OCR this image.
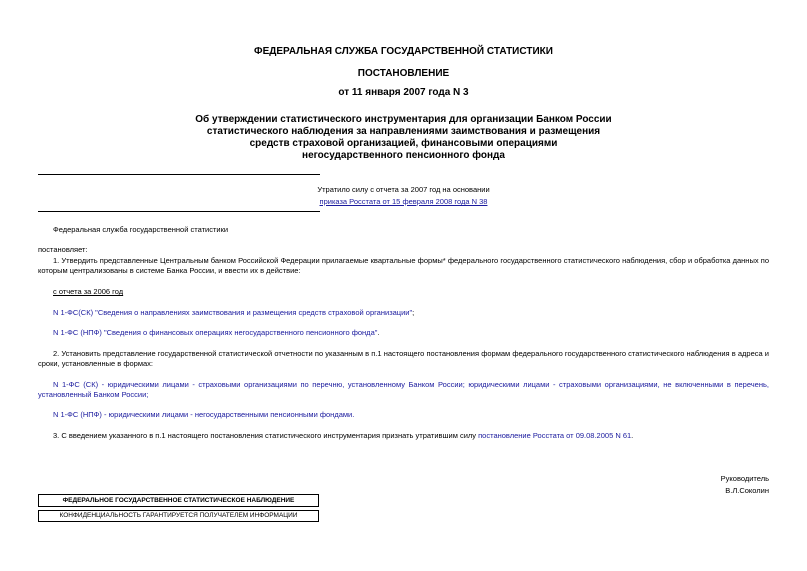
ФЕДЕРАЛЬНАЯ СЛУЖБА ГОСУДАРСТВЕННОЙ СТАТИСТИКИ
ПОСТАНОВЛЕНИЕ
от 11 января 2007 года N 3
Об утверждении статистического инструментария для организации Банком России
статистического наблюдения за направлениями заимствования и размещения
средств страховой организацией, финансовыми операциями
негосударственного пенсионного фонда
Утратило силу с отчета за 2007 год на основании
приказа Росстата от 15 февраля 2008 года N 38
Федеральная служба государственной статистики
постановляет:
1. Утвердить представленные Центральным банком Российской Федерации прилагаемые квартальные формы* федерального государственного статистического наблюдения, сбор и обработка данных по которым централизованы в системе Банка России, и ввести их в действие:
с отчета за 2006 год
N 1-ФС(СК) "Сведения о направлениях заимствования и размещения средств страховой организации";
N 1-ФС (НПФ) "Сведения о финансовых операциях негосударственного пенсионного фонда".
2. Установить представление государственной статистической отчетности по указанным в п.1 настоящего постановления формам федерального государственного статистического наблюдения в адреса и сроки, установленные в формах:
N 1-ФС (СК) - юридическими лицами - страховыми организациями по перечню, установленному Банком России; юридическими лицами - страховыми организациями, не включенными в перечень, установленный Банком России;
N 1-ФС (НПФ) - юридическими лицами - негосударственными пенсионными фондами.
3. С введением указанного в п.1 настоящего постановления статистического инструментария признать утратившим силу постановление Росстата от 09.08.2005 N 61.
Руководитель
В.Л.Соколин
ФЕДЕРАЛЬНОЕ ГОСУДАРСТВЕННОЕ СТАТИСТИЧЕСКОЕ НАБЛЮДЕНИЕ
КОНФИДЕНЦИАЛЬНОСТЬ ГАРАНТИРУЕТСЯ ПОЛУЧАТЕЛЕМ ИНФОРМАЦИИ
